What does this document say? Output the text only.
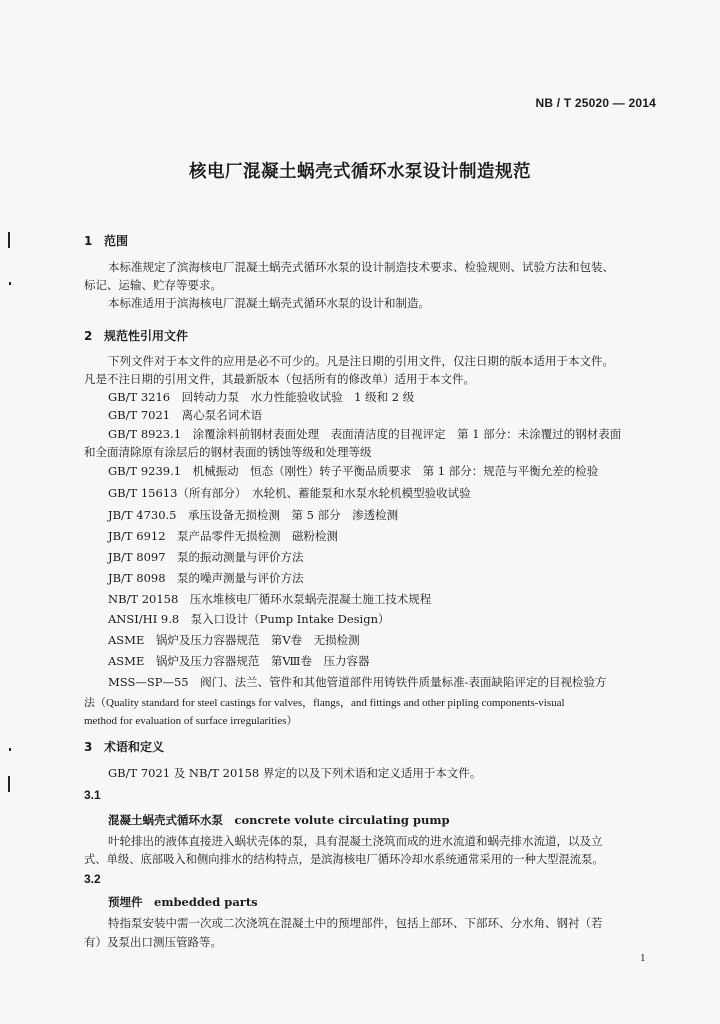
NB / T 25020 — 2014
核电厂混凝土蜗壳式循环水泵设计制造规范
1 范围
本标准规定了滨海核电厂混凝土蜗壳式循环水泵的设计制造技术要求、检验规则、试验方法和包装、
标记、运输、贮存等要求。
本标准适用于滨海核电厂混凝土蜗壳式循环水泵的设计和制造。
2 规范性引用文件
下列文件对于本文件的应用是必不可少的。凡是注日期的引用文件，仅注日期的版本适用于本文件。
凡是不注日期的引用文件，其最新版本（包括所有的修改单）适用于本文件。
GB/T 3216　回转动力泵　水力性能验收试验　1 级和 2 级
GB/T 7021　离心泵名词术语
GB/T 8923.1　涂覆涂料前钢材表面处理　表面清洁度的目视评定　第 1 部分：未涂覆过的钢材表面
和全面清除原有涂层后的钢材表面的锈蚀等级和处理等级
GB/T 9239.1　机械振动　恒态（刚性）转子平衡品质要求　第 1 部分：规范与平衡允差的检验
GB/T 15613（所有部分）　水轮机、蓄能泵和水泵水轮机模型验收试验
JB/T 4730.5　承压设备无损检测　第 5 部分　渗透检测
JB/T 6912　泵产品零件无损检测　磁粉检测
JB/T 8097　泵的振动测量与评价方法
JB/T 8098　泵的噪声测量与评价方法
NB/T 20158　压水堆核电厂循环水泵蜗壳混凝土施工技术规程
ANSI/HI 9.8　泵入口设计（Pump Intake Design）
ASME　锅炉及压力容器规范　第Ⅴ卷　无损检测
ASME　锅炉及压力容器规范　第Ⅷ卷　压力容器
MSS—SP—55　阀门、法兰、管件和其他管道部件用铸铁件质量标准-表面缺陷评定的目视检验方
法（Quality standard for steel castings for valves，flangs，and fittings and other pipling components-visual
method for evaluation of surface irregularities）
3 术语和定义
GB/T 7021 及 NB/T 20158 界定的以及下列术语和定义适用于本文件。
3.1
混凝土蜗壳式循环水泵　concrete volute circulating pump
叶轮排出的液体直接进入蜗状壳体的泵，具有混凝土浇筑而成的进水流道和蜗壳排水流道，以及立
式、单级、底部吸入和侧向排水的结构特点，是滨海核电厂循环冷却水系统通常采用的一种大型混流泵。
3.2
预埋件　embedded parts
特指泵安装中需一次或二次浇筑在混凝土中的预埋部件，包括上部环、下部环、分水角、钢衬（若
有）及泵出口测压管路等。
1
